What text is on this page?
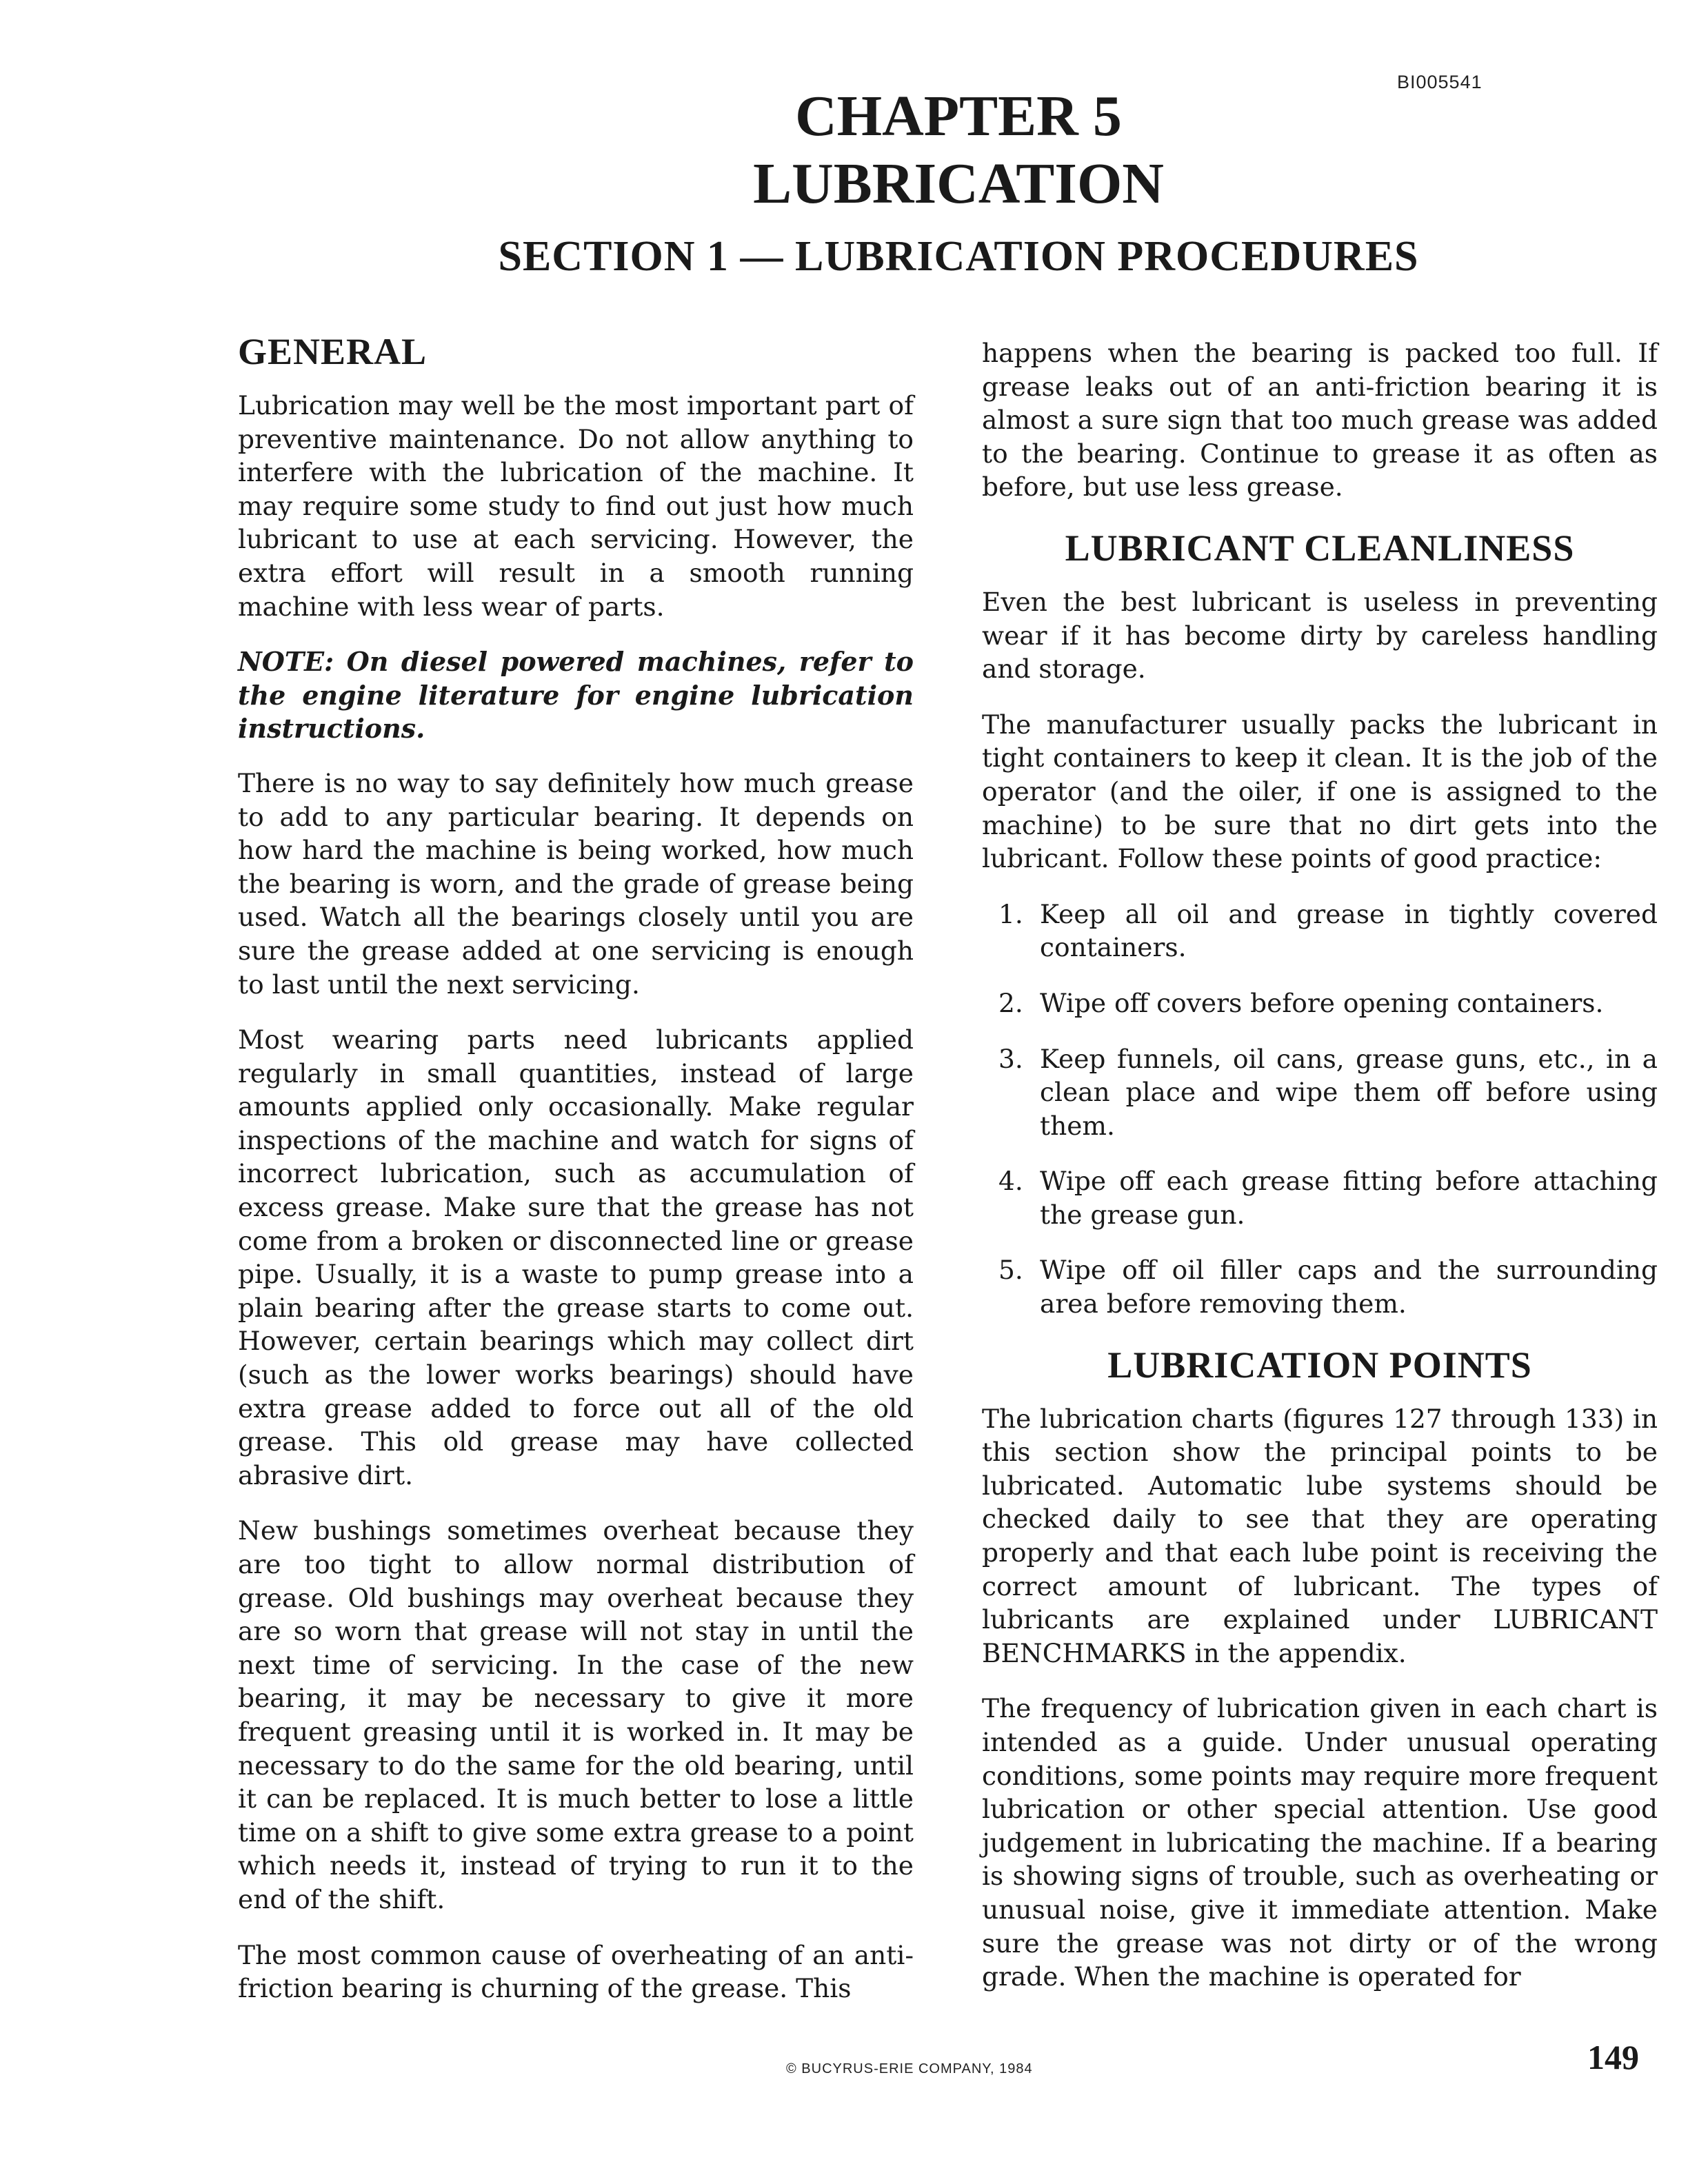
BI005541
CHAPTER 5
LUBRICATION
SECTION 1 — LUBRICATION PROCEDURES
GENERAL

Lubrication may well be the most important part of preventive maintenance. Do not allow anything to interfere with the lubrication of the machine. It may require some study to find out just how much lubricant to use at each servicing. However, the extra effort will result in a smooth running machine with less wear of parts.

NOTE: On diesel powered machines, refer to the engine literature for engine lubrication instructions.

There is no way to say definitely how much grease to add to any particular bearing. It depends on how hard the machine is being worked, how much the bearing is worn, and the grade of grease being used. Watch all the bearings closely until you are sure the grease added at one servicing is enough to last until the next servicing.

Most wearing parts need lubricants applied regularly in small quantities, instead of large amounts applied only occasionally. Make regular inspections of the machine and watch for signs of incorrect lubrication, such as accumulation of excess grease. Make sure that the grease has not come from a broken or disconnected line or grease pipe. Usually, it is a waste to pump grease into a plain bearing after the grease starts to come out. However, certain bearings which may collect dirt (such as the lower works bearings) should have extra grease added to force out all of the old grease. This old grease may have collected abrasive dirt.

New bushings sometimes overheat because they are too tight to allow normal distribution of grease. Old bushings may overheat because they are so worn that grease will not stay in until the next time of servicing. In the case of the new bearing, it may be necessary to give it more frequent greasing until it is worked in. It may be necessary to do the same for the old bearing, until it can be replaced. It is much better to lose a little time on a shift to give some extra grease to a point which needs it, instead of trying to run it to the end of the shift.

The most common cause of overheating of an anti-friction bearing is churning of the grease. This

happens when the bearing is packed too full. If grease leaks out of an anti-friction bearing it is almost a sure sign that too much grease was added to the bearing. Continue to grease it as often as before, but use less grease.

LUBRICANT CLEANLINESS

Even the best lubricant is useless in preventing wear if it has become dirty by careless handling and storage.

The manufacturer usually packs the lubricant in tight containers to keep it clean. It is the job of the operator (and the oiler, if one is assigned to the machine) to be sure that no dirt gets into the lubricant. Follow these points of good practice:

1. Keep all oil and grease in tightly covered containers.
2. Wipe off covers before opening containers.
3. Keep funnels, oil cans, grease guns, etc., in a clean place and wipe them off before using them.
4. Wipe off each grease fitting before attaching the grease gun.
5. Wipe off oil filler caps and the surrounding area before removing them.
LUBRICATION POINTS

The lubrication charts (figures 127 through 133) in this section show the principal points to be lubricated. Automatic lube systems should be checked daily to see that they are operating properly and that each lube point is receiving the correct amount of lubricant. The types of lubricants are explained under LUBRICANT BENCHMARKS in the appendix.

The frequency of lubrication given in each chart is intended as a guide. Under unusual operating conditions, some points may require more frequent lubrication or other special attention. Use good judgement in lubricating the machine. If a bearing is showing signs of trouble, such as overheating or unusual noise, give it immediate attention. Make sure the grease was not dirty or of the wrong grade. When the machine is operated for

© BUCYRUS-ERIE COMPANY, 1984	149
